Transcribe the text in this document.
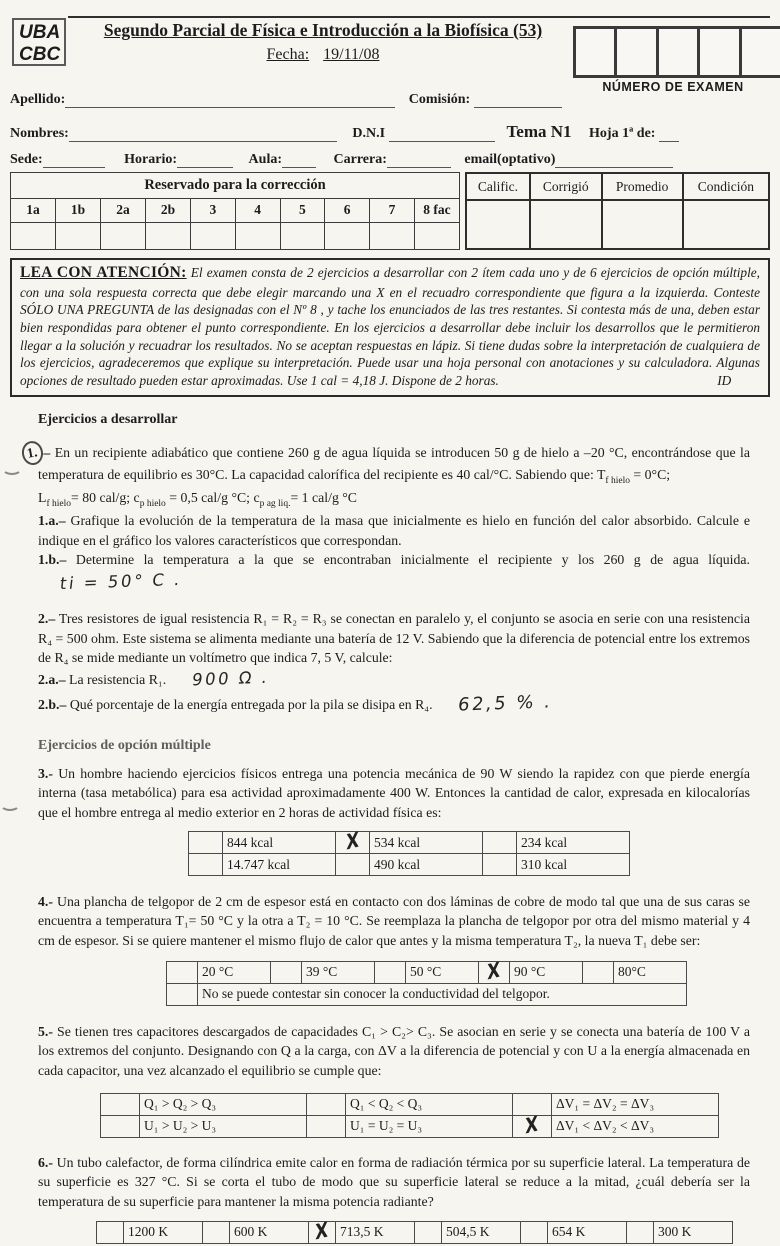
UBA
CBC
Segundo Parcial de Física e Introducción a la Biofísica (53)
Fecha: 19/11/08
NÚMERO DE EXAMEN
Apellido:	Comisión:
Nombres:	D.N.I	Tema N1 Hoja 1ª de:
Sede:	Horario:	Aula:	Carrera:	email(optativo)
Reservado para la corrección									
1a	1b	2a	2b	3	4	5	6	7	8 fac

Calific.	Corrigió	Promedio	Condición

LEA CON ATENCIÓN: El examen consta de 2 ejercicios a desarrollar con 2 ítem cada uno y de 6 ejercicios de opción múltiple, con una sola respuesta correcta que debe elegir marcando una X en el recuadro correspondiente que figura a la izquierda. Conteste SÓLO UNA PREGUNTA de las designadas con el Nº 8 , y tache los enunciados de las tres restantes. Si contesta más de una, deben estar bien respondidas para obtener el punto correspondiente. En los ejercicios a desarrollar debe incluir los desarrollos que le permitieron llegar a la solución y recuadrar los resultados. No se aceptan respuestas en lápiz. Si tiene dudas sobre la interpretación de cualquiera de los ejercicios, agradeceremos que explique su interpretación. Puede usar una hoja personal con anotaciones y su calculadora. Algunas opciones de resultado pueden estar aproximadas. Use 1 cal = 4,18 J. Dispone de 2 horas.	ID
Ejercicios a desarrollar
1. – En un recipiente adiabático que contiene 260 g de agua líquida se introducen 50 g de hielo a –20 °C, encontrándose que la temperatura de equilibrio es 30°C. La capacidad calorífica del recipiente es 40 cal/°C. Sabiendo que: $T_{f hielo} = 0^\circ C$;
$L_{f hielo}= 80$ cal/g; $c_{p hielo} = 0,5$ cal/g °C; $c_{p ag liq.}= 1$ cal/g °C
1.a.– Grafique la evolución de la temperatura de la masa que inicialmente es hielo en función del calor absorbido. Calcule e indique en el gráfico los valores característicos que correspondan.
1.b.– Determine la temperatura a la que se encontraban inicialmente el recipiente y los 260 g de agua líquida. ti = 50° C .
2.– Tres resistores de igual resistencia R₁ = R₂ = R₃ se conectan en paralelo y, el conjunto se asocia en serie con una resistencia R₄ = 500 ohm. Este sistema se alimenta mediante una batería de 12 V. Sabiendo que la diferencia de potencial entre los extremos de R₄ se mide mediante un voltímetro que indica 7, 5 V, calcule:
2.a.– La resistencia R₁. 900 Ω .
2.b.– Qué porcentaje de la energía entregada por la pila se disipa en R₄. 62,5 % .
Ejercicios de opción múltiple
3.- Un hombre haciendo ejercicios físicos entrega una potencia mecánica de 90 W siendo la rapidez con que pierde energía interna (tasa metabólica) para esa actividad aproximadamente 400 W. Entonces la cantidad de calor, expresada en kilocalorías que el hombre entrega al medio exterior en 2 horas de actividad física es:
	844 kcal	X	534 kcal		234 kcal
	14.747 kcal		490 kcal		310 kcal
4.- Una plancha de telgopor de 2 cm de espesor está en contacto con dos láminas de cobre de modo tal que una de sus caras se encuentra a temperatura T₁= 50 °C y la otra a T₂ = 10 °C. Se reemplaza la plancha de telgopor por otra del mismo material y 4 cm de espesor. Si se quiere mantener el mismo flujo de calor que antes y la misma temperatura T₂, la nueva T₁ debe ser:
	20 °C		39 °C		50 °C	X	90 °C		80°C
	No se puede contestar sin conocer la conductividad del telgopor.								
5.- Se tienen tres capacitores descargados de capacidades C₁ > C₂> C₃. Se asocian en serie y se conecta una batería de 100 V a los extremos del conjunto. Designando con Q a la carga, con ΔV a la diferencia de potencial y con U a la energía almacenada en cada capacitor, una vez alcanzado el equilibrio se cumple que:
	Q₁ > Q₂ > Q₃		Q₁ < Q₂ < Q₃		ΔV₁ = ΔV₂ = ΔV₃
	U₁ > U₂ > U₃		U₁ = U₂ = U₃	X	ΔV₁ < ΔV₂ < ΔV₃
6.- Un tubo calefactor, de forma cilíndrica emite calor en forma de radiación térmica por su superficie lateral. La temperatura de su superficie es 327 °C. Si se corta el tubo de modo que su superficie lateral se reduce a la mitad, ¿cuál debería ser la temperatura de su superficie para mantener la misma potencia radiante?
	1200 K		600 K	X	713,5 K		504,5 K		654 K		300 K
